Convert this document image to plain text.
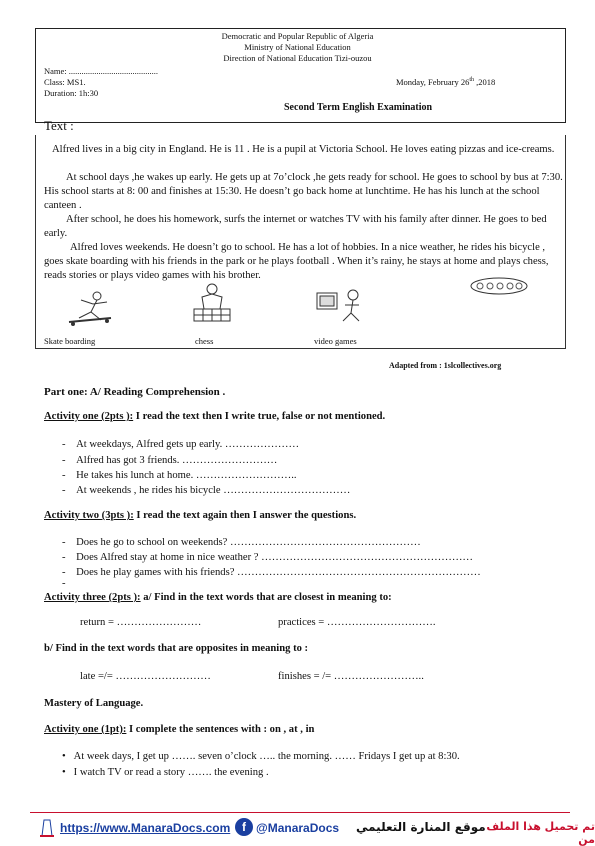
Democratic and Popular Republic of Algeria
Ministry of National Education
Direction of National Education Tizi-ouzou
Name: ..........................................
Class: MS1.	Monday, February 26th ,2018
Duration: 1h:30
Second Term English Examination
Text :
Alfred lives in a big city in England. He is 11 . He is a pupil at Victoria School. He loves eating pizzas and ice-creams.
At school days ,he wakes up early. He gets up at 7o’clock ,he gets ready for school. He goes to school by bus at 7:30. His school starts at 8: 00 and finishes at 15:30. He doesn’t go back home at lunchtime. He has his lunch at the school canteen .
After school, he does his homework, surfs the internet or watches TV with his family after dinner. He goes to bed early.
Alfred loves weekends. He doesn’t go to school. He has a lot of hobbies. In a nice weather, he rides his bicycle , goes skate boarding with his friends in the park or he plays football . When it’s rainy, he stays at home and plays chess, reads stories or plays video games with his brother.
Skate boarding	chess	video games
Adapted from : 1slcollectives.org
Part one: A/ Reading Comprehension .
Activity one (2pts ): I read the text then I write true, false or not mentioned.
-    At weekdays, Alfred gets up early. …………………
-    Alfred has got 3 friends. ………………………
-    He takes his lunch at home. ………………………..
-    At weekends , he rides his bicycle ………………………………
Activity two (3pts ): I read the text again then I answer the questions.
-    Does he go to school on weekends? ………………………………………………
-    Does Alfred stay at home in nice weather ? ……………………………………………………
-    Does he play games with his friends? ……………………………………………………………
-
Activity three (2pts ): a/ Find in the text words that are closest in meaning to:
return = ……………………	practices = ………………………….
b/ Find in the text words that are opposites in meaning to :
late =/= ………………………	finishes = /= ……………………..
Mastery of Language.
Activity one (1pt): I complete the sentences with : on , at , in
•   At week days, I get up ……. seven o’clock ….. the morning. …… Fridays I get up at 8:30.
•   I watch TV or read a story ……. the evening .
https://www.ManaraDocs.com f @ManaraDocs موقع المنارة التعليمي تم تحميل هذا الملف من
